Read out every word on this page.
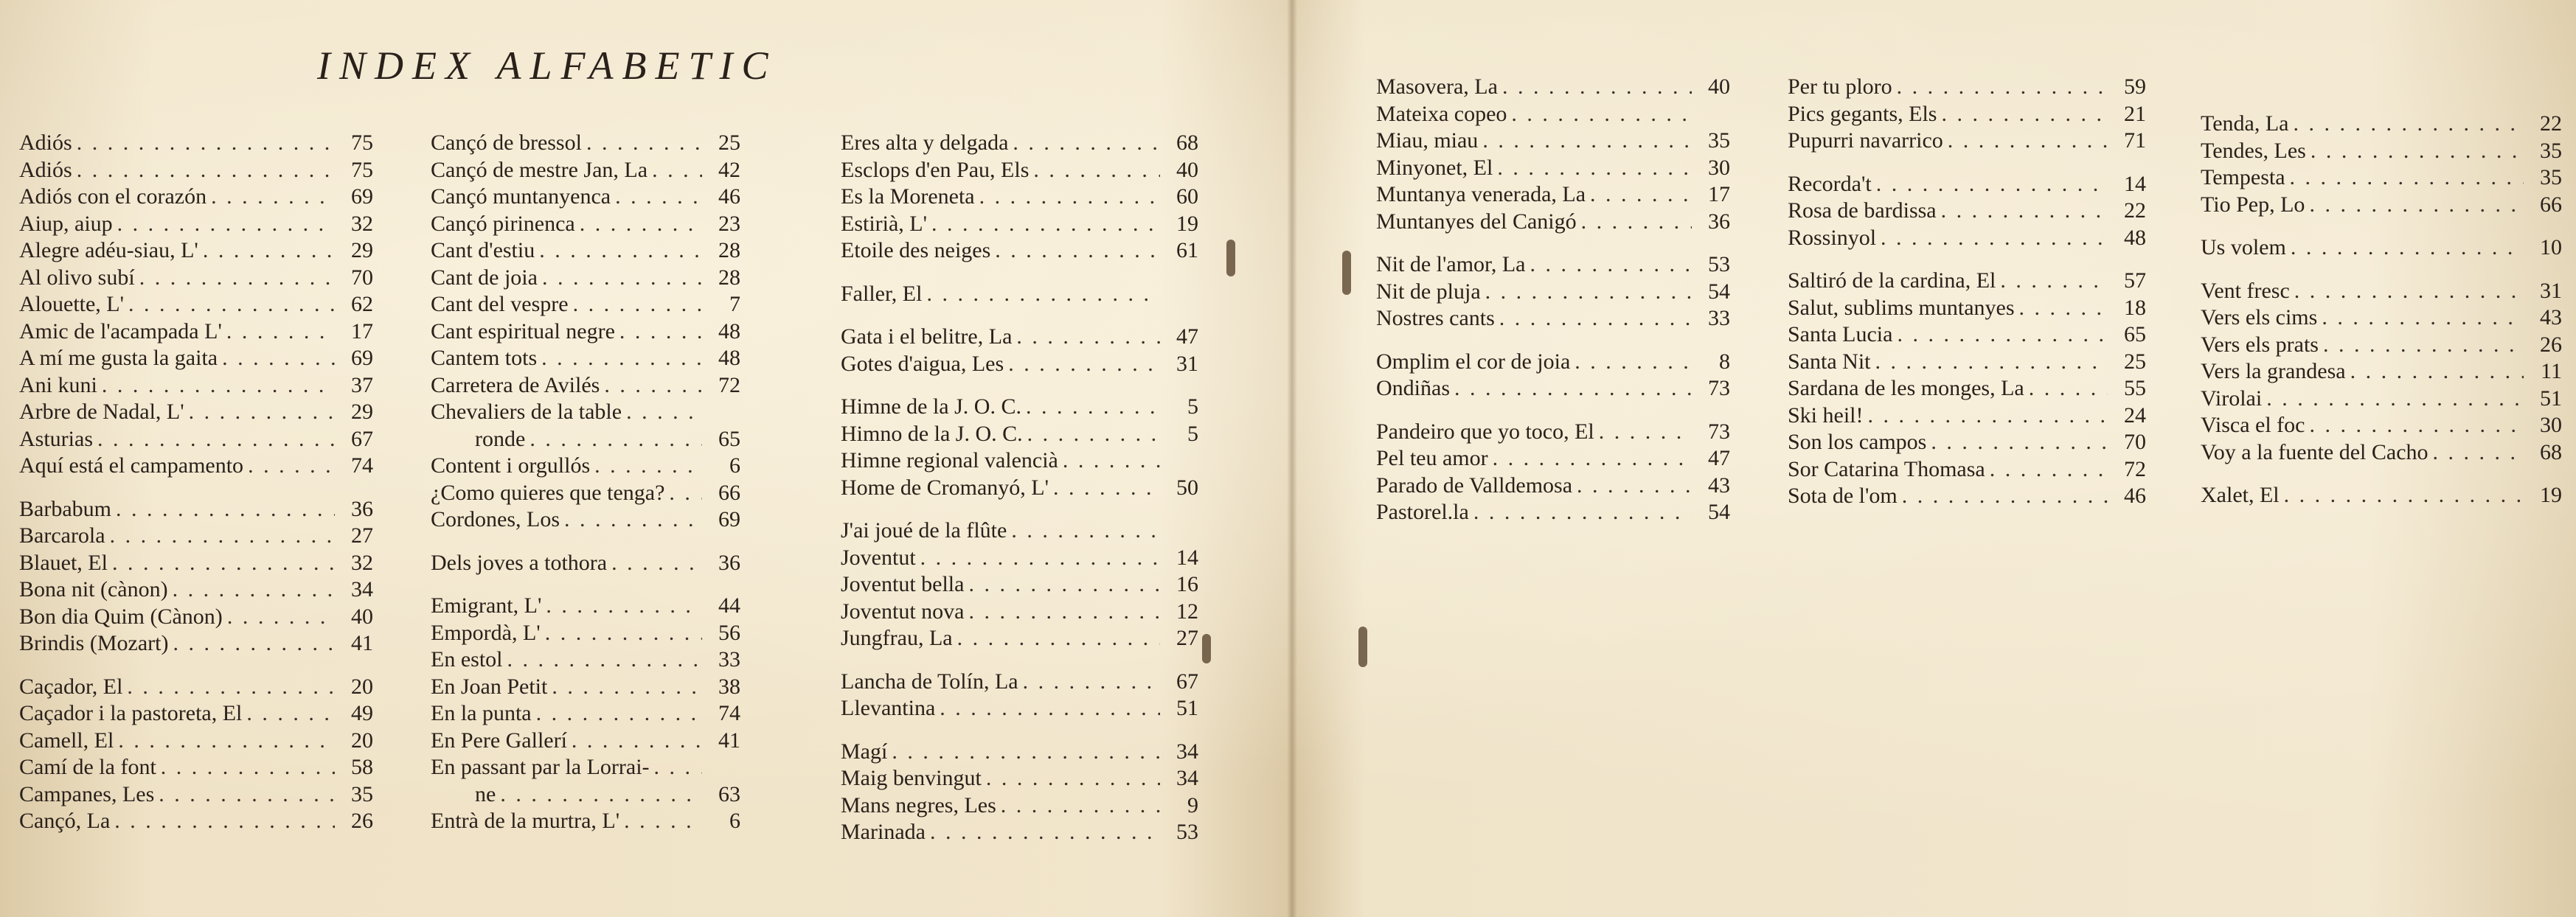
INDEX ALFABETIC
Adiós . . .	75
Adiós . . .	75
Adiós con el corazón . . .	69
Aiup, aiup . . .	32
Alegre adéu-siau, L' . . .	29
Al olivo subí . . .	70
Alouette, L' . . .	62
Amic de l'acampada L' . . .	17
A mí me gusta la gaita . . .	69
Ani kuni . . .	37
Arbre de Nadal, L' . . .	29
Asturias . . .	67
Aquí está el campamento . . .	74
Barbabum . . .	36
Barcarola . . .	27
Blauet, El . . .	32
Bona nit (cànon) . . .	34
Bon dia Quim (Cànon) . . .	40
Brindis (Mozart) . . .	41
Caçador, El . . .	20
Caçador i la pastoreta, El . . .	49
Camell, El . . .	20
Camí de la font . . .	58
Campanes, Les . . .	35
Cançó, La . . .	26
Cançó de bressol . . .	25
Cançó de mestre Jan, La . . .	42
Cançó muntanyenca . . .	46
Cançó pirinenca . . .	23
Cant d'estiu . . .	28
Cant de joia . . .	28
Cant del vespre . . .	7
Cant espiritual negre . . .	48
Cantem tots . . .	48
Carretera de Avilés . . .	72
Chevaliers de la table
. . .
ronde . . .	65
Content i orgullós . . .	6
¿Como quieres que tenga? . . .	66
Cordones, Los . . .	69
Dels joves a tothora . . .	36
Emigrant, L' . . .	44
Empordà, L' . . .	56
En estol . . .	33
En Joan Petit . . .	38
En la punta . . .	74
En Pere Gallerí . . .	41
En passant par la Lorrai-
. . .
ne . . .	63
Entrà de la murtra, L' . . .	6
Eres alta y delgada . . .	68
Esclops d'en Pau, Els . . .	40
Es la Moreneta . . .	60
Estirià, L' . . .	19
Etoile des neiges . . .	61
Faller, El
. . .
Gata i el belitre, La . . .	47
Gotes d'aigua, Les . . .	31
Himne de la J. O. C. . . .	5
Himno de la J. O. C. . . .	5
Himne regional valencià
. . .
Home de Cromanyó, L' . . .	50
J'ai joué de la flûte
. . .
Joventut . . .	14
Joventut bella . . .	16
Joventut nova . . .	12
Jungfrau, La . . .	27
Lancha de Tolín, La . . .	67
Llevantina . . .	51
Magí . . .	34
Maig benvingut . . .	34
Mans negres, Les . . .	9
Marinada . . .	53
Masovera, La . . .	40
Mateixa copeo
. . .
Miau, miau . . .	35
Minyonet, El . . .	30
Muntanya venerada, La . . .	17
Muntanyes del Canigó . . .	36
Nit de l'amor, La . . .	53
Nit de pluja . . .	54
Nostres cants . . .	33
Omplim el cor de joia . . .	8
Ondiñas . . .	73
Pandeiro que yo toco, El . . .	73
Pel teu amor . . .	47
Parado de Valldemosa . . .	43
Pastorel.la . . .	54
Per tu ploro . . .	59
Pics gegants, Els . . .	21
Pupurri navarrico . . .	71
Recorda't . . .	14
Rosa de bardissa . . .	22
Rossinyol . . .	48
Saltiró de la cardina, El . . .	57
Salut, sublims muntanyes . . .	18
Santa Lucia . . .	65
Santa Nit . . .	25
Sardana de les monges, La . . .	55
Ski heil! . . .	24
Son los campos . . .	70
Sor Catarina Thomasa . . .	72
Sota de l'om . . .	46
Tenda, La . . .	22
Tendes, Les . . .	35
Tempesta . . .	35
Tio Pep, Lo . . .	66
Us volem . . .	10
Vent fresc . . .	31
Vers els cims . . .	43
Vers els prats . . .	26
Vers la grandesa . . .	11
Virolai . . .	51
Visca el foc . . .	30
Voy a la fuente del Cacho . . .	68
Xalet, El . . .	19
